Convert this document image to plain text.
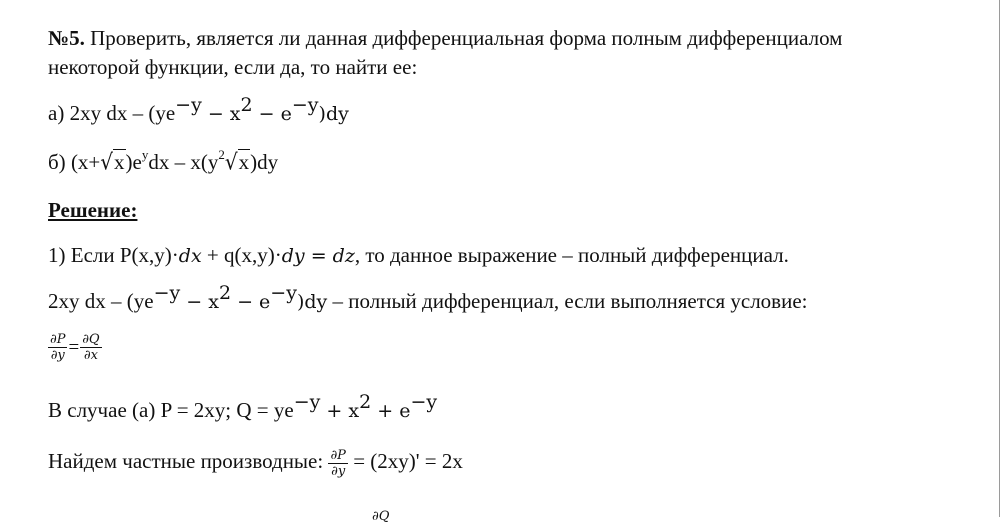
№5. Проверить, является ли данная дифференциальная форма полным дифференциалом
некоторой функции, если да, то найти ее:
а) 2xy dx – $(ye^{-y} - x^2 - e^{-y})dy$
б) $(x+√x)e^ydx - x(y^2√x)dy$
Решение:
1) Если P(x,y)·dx + q(x,y)·dy = dz, то данное выражение – полный дифференциал.
2xy dx – $(ye^{-y} - x^2 - e^{-y})dy$ – полный дифференциал, если выполняется условие:
$\frac{\partial P}{\partial y} = \frac{\partial Q}{\partial x}$
В случае (а) P = 2xy; $Q = ye^{-y} + x^2 + e^{-y}$
Найдем частные производные: $\frac{\partial P}{\partial y} = (2xy)' = 2x$
∂Q
